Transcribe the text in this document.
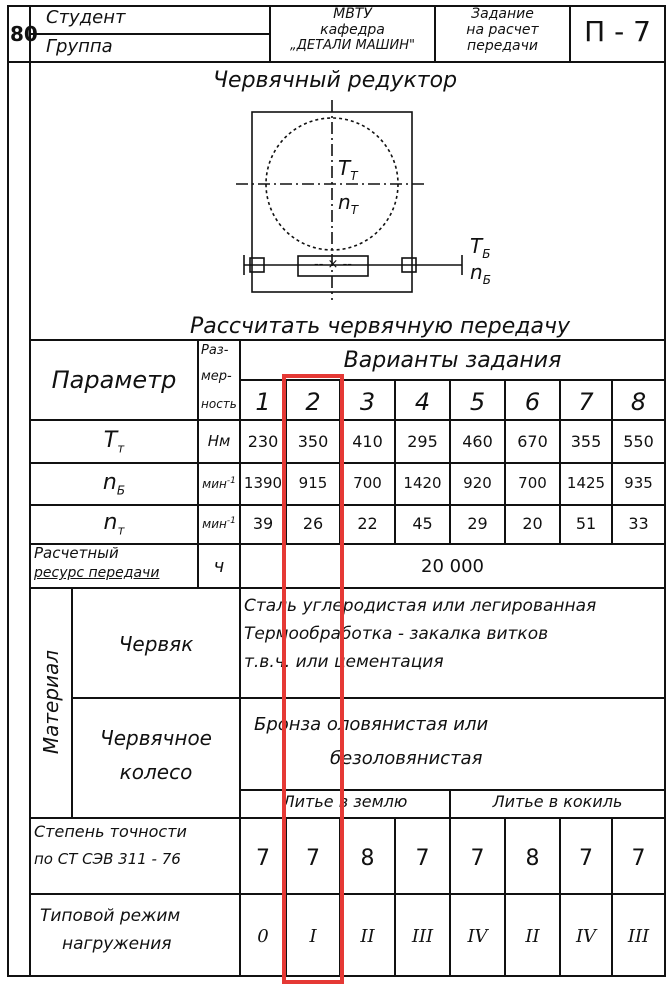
80
Студент
Группа
МВТУ
кафедра
„ДЕТАЛИ МАШИН"
Задание
на расчет
передачи	П - 7
Червячный редуктор
$T_Т$
$n_Т$
$T_Б$
$n_Б$
-- × --
Рассчитать червячную передачу
Параметр
Раз-
мер-
ность
Варианты задания
1	2	3	4	5	6	7	8
$T_т$	Нм	230	350	410	295	460	670	355	550
$n_Б$	мин$^{-1}$ 1390	915	700	1420	920	700	1425	935
$n_т$	мин$^{-1}$	39	26	22	45	29	20	51	33
Расчетный
ресурс передачи	ч	20 000
Материал
Червяк
Сталь углеродистая или легированная
Термообработка - закалка витков
т.в.ч. или цементация
Червячное
колесо
Бронза оловянистая или
безоловянистая
Литье в землю	Литье в кокиль
Степень точности
по СТ СЭВ 311 - 76	7	7	8	7	7	8	7	7
Типовой режим
нагружения	0	I	II	III	IV	II	IV	III
